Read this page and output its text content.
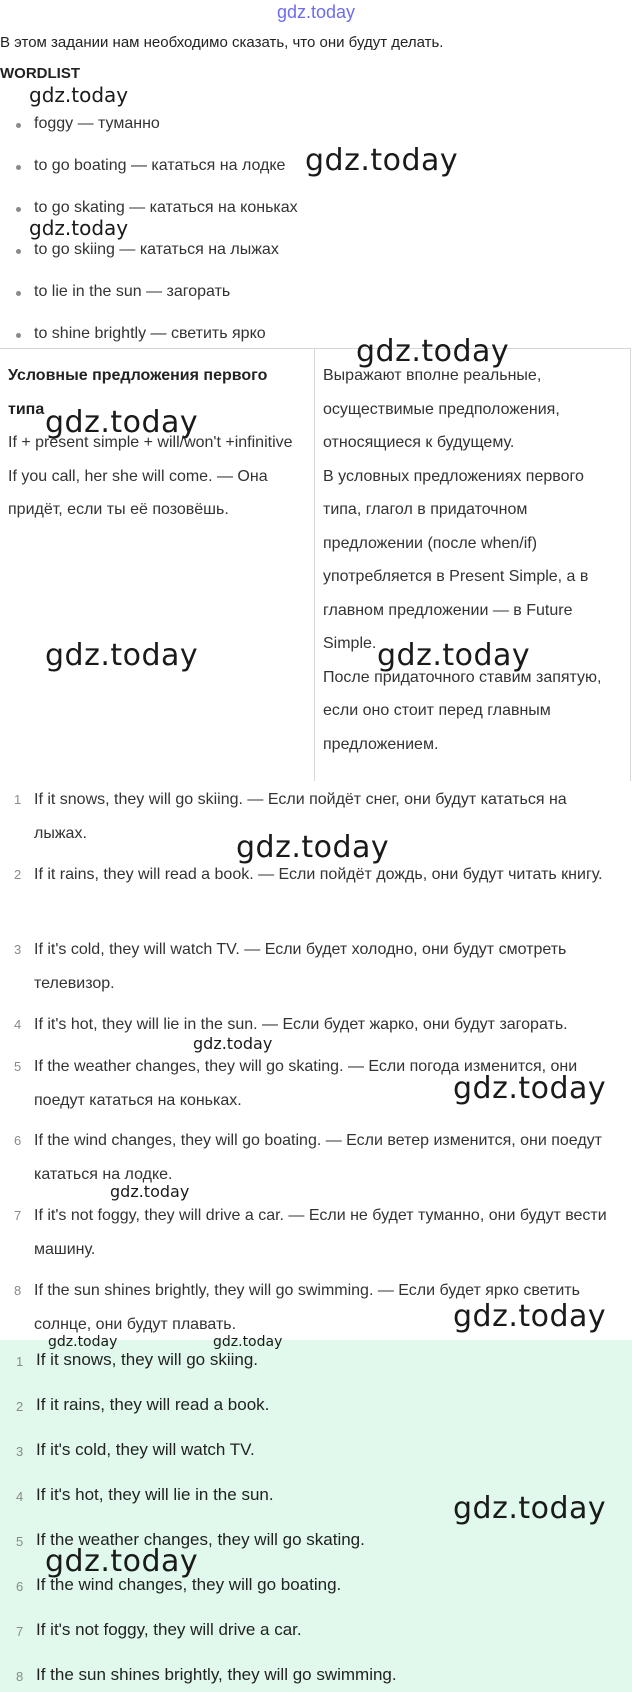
gdz.today
В этом задании нам необходимо сказать, что они будут делать.
WORDLIST
foggy — туманно
to go boating — кататься на лодке
to go skating — кататься на коньках
to go skiing — кататься на лыжах
to lie in the sun — загорать
to shine brightly — светить ярко

Условные предложения первого типа

If + present simple + will/won't +infinitive

If you call, her she will come. — Она придёт, если ты её позовёшь.

Выражают вполне реальные, осуществимые предположения, относящиеся к будущему.

В условных предложениях первого типа, глагол в придаточном предложении (после when/if) употребляется в Present Simple, а в главном предложении — в Future Simple.

После придаточного ставим запятую, если оно стоит перед главным предложением.

1 If it snows, they will go skiing. — Если пойдёт снег, они будут кататься на лыжах.
2 If it rains, they will read a book. — Если пойдёт дождь, они будут читать книгу.
3 If it's cold, they will watch TV. — Если будет холодно, они будут смотреть телевизор.
4 If it's hot, they will lie in the sun. — Если будет жарко, они будут загорать.
5 If the weather changes, they will go skating. — Если погода изменится, они поедут кататься на коньках.
6 If the wind changes, they will go boating. — Если ветер изменится, они поедут кататься на лодке.
7 If it's not foggy, they will drive a car. — Если не будет туманно, они будут вести машину.
8 If the sun shines brightly, they will go swimming. — Если будет ярко светить солнце, они будут плавать.
1 If it snows, they will go skiing.
2 If it rains, they will read a book.
3 If it's cold, they will watch TV.
4 If it's hot, they will lie in the sun.
5 If the weather changes, they will go skating.
6 If the wind changes, they will go boating.
7 If it's not foggy, they will drive a car.
8 If the sun shines brightly, they will go swimming.
gdz.today
gdz.today
gdz.today
gdz.today
gdz.today
gdz.today	gdz.today
gdz.today
gdz.today
gdz.today
gdz.today
gdz.today
gdz.today	gdz.today
gdz.today
gdz.today
